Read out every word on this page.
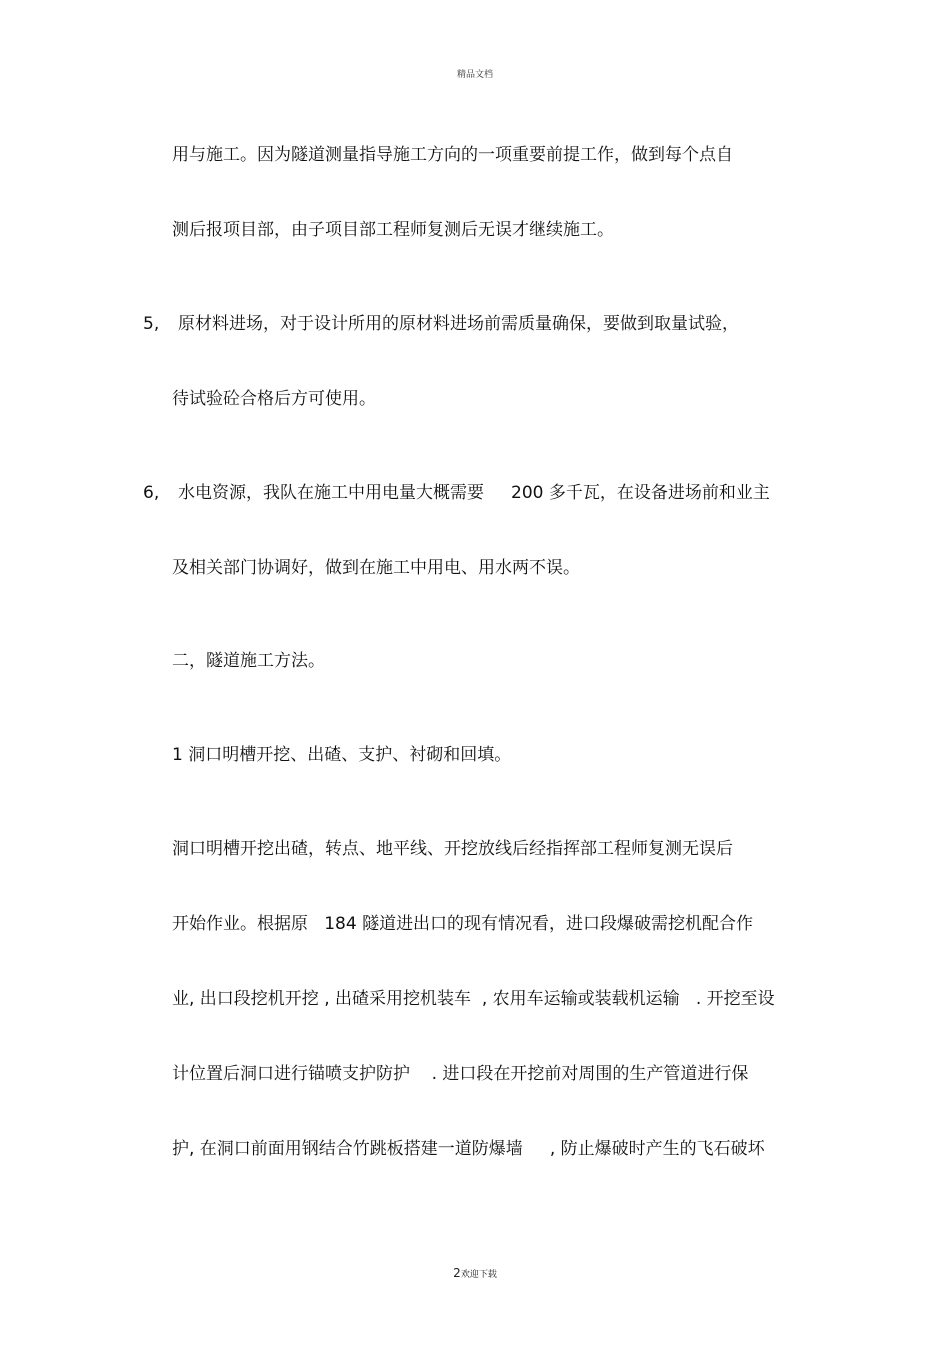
精品文档
用与施工。因为隧道测量指导施工方向的一项重要前提工作，做到每个点自
测后报项目部，由子项目部工程师复测后无误才继续施工。
5, 原材料进场，对于设计所用的原材料进场前需质量确保，要做到取量试验，
待试验砼合格后方可使用。
6, 水电资源，我队在施工中用电量大概需要     200 多千瓦，在设备进场前和业主
及相关部门协调好，做到在施工中用电、用水两不误。
二，隧道施工方法。
1 洞口明槽开挖、出碴、支护、衬砌和回填。
洞口明槽开挖出碴，转点、地平线、开挖放线后经指挥部工程师复测无误后
开始作业。根据原   184 隧道进出口的现有情况看，进口段爆破需挖机配合作
业, 出口段挖机开挖 , 出碴采用挖机装车  , 农用车运输或装载机运输   . 开挖至设
计位置后洞口进行锚喷支护防护    . 进口段在开挖前对周围的生产管道进行保
护, 在洞口前面用钢结合竹跳板搭建一道防爆墙     , 防止爆破时产生的飞石破坏
2欢迎下载
